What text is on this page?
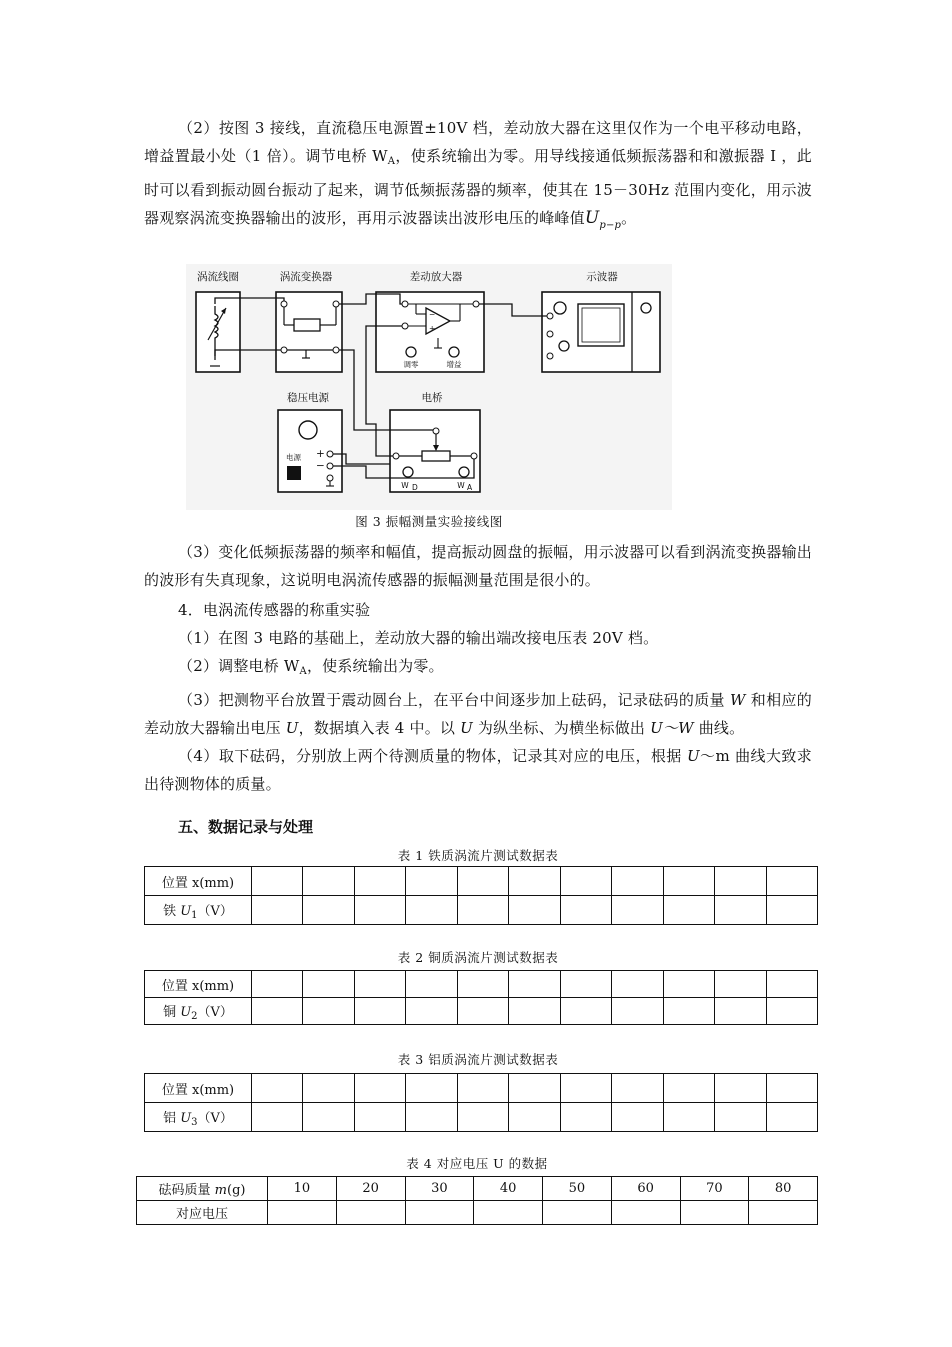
（2）按图 3 接线，直流稳压电源置±10V 档，差动放大器在这里仅作为一个电平移动电路，增益置最小处（1 倍）。调节电桥 $W_A$，使系统输出为零。用导线接通低频振荡器和和激振器 I ，此时可以看到振动圆台振动了起来，调节低频振荡器的频率，使其在 15－30Hz 范围内变化，用示波器观察涡流变换器输出的波形，再用示波器读出波形电压的峰峰值$U_{p-p}$。

涡流线圈	涡流变换器	差动放大器	示波器
稳压电源	电桥
−
+
调零	增益
电源 +
−
W D	W A
图 3 振幅测量实验接线图

（3）变化低频振荡器的频率和幅值，提高振动圆盘的振幅，用示波器可以看到涡流变换器输出的波形有失真现象，这说明电涡流传感器的振幅测量范围是很小的。

4．电涡流传感器的称重实验

（1）在图 3 电路的基础上，差动放大器的输出端改接电压表 20V 档。

（2）调整电桥 $W_A$，使系统输出为零。

（3）把测物平台放置于震动圆台上，在平台中间逐步加上砝码，记录砝码的质量 W 和相应的差动放大器输出电压 U，数据填入表 4 中。以 U 为纵坐标、为横坐标做出 U～W 曲线。

（4）取下砝码，分别放上两个待测质量的物体，记录其对应的电压，根据 U～m 曲线大致求出待测物体的质量。

五、数据记录与处理
表 1 铁质涡流片测试数据表
位置 x(mm)											
铁 $U_1(V)$											
表 2 铜质涡流片测试数据表
位置 x(mm)											
铜 $U_2(V)$											
表 3 铝质涡流片测试数据表
位置 x(mm)											
铝 $U_3(V)$											
表 4 对应电压 U 的数据
砝码质量 m(g)	10	20	30	40	50	60	70	80
对应电压								
